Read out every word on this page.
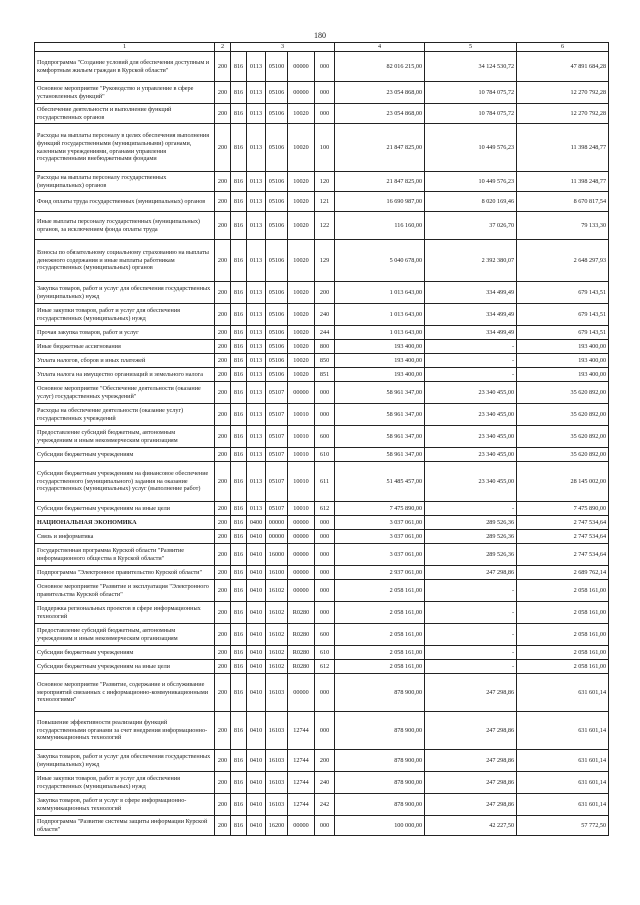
180
1	2	3					4	5	6
Подпрограмма "Создание условий для обеспечения доступным и комфортным жильем граждан в Курской области"	200	816	0113	05100	00000	000	82 016 215,00	34 124 530,72	47 891 684,28
Основное мероприятие "Руководство и управление в сфере установленных функций"	200	816	0113	05106	00000	000	23 054 868,00	10 784 075,72	12 270 792,28
Обеспечение деятельности и выполнение функций государственных органов	200	816	0113	05106	10020	000	23 054 868,00	10 784 075,72	12 270 792,28
Расходы на выплаты персоналу в целях обеспечения выполнения функций государственными (муниципальными) органами, казенными учреждениями, органами управления государственными внебюджетными фондами	200	816	0113	05106	10020	100	21 847 825,00	10 449 576,23	11 398 248,77
Расходы на выплаты персоналу государственных (муниципальных) органов	200	816	0113	05106	10020	120	21 847 825,00	10 449 576,23	11 398 248,77
Фонд оплаты труда государственных (муниципальных) органов	200	816	0113	05106	10020	121	16 690 987,00	8 020 169,46	8 670 817,54
Иные выплаты персоналу государственных (муниципальных) органов, за исключением фонда оплаты труда	200	816	0113	05106	10020	122	116 160,00	37 026,70	79 133,30
Взносы по обязательному социальному страхованию на выплаты денежного содержания и иные выплаты работникам государственных (муниципальных) органов	200	816	0113	05106	10020	129	5 040 678,00	2 392 380,07	2 648 297,93
Закупка товаров, работ и услуг для обеспечения государственных (муниципальных) нужд	200	816	0113	05106	10020	200	1 013 643,00	334 499,49	679 143,51
Иные закупки товаров, работ и услуг для обеспечения государственных (муниципальных) нужд	200	816	0113	05106	10020	240	1 013 643,00	334 499,49	679 143,51
Прочая закупка товаров, работ и услуг	200	816	0113	05106	10020	244	1 013 643,00	334 499,49	679 143,51
Иные бюджетные ассигнования	200	816	0113	05106	10020	800	193 400,00	-	193 400,00
Уплата налогов, сборов и иных платежей	200	816	0113	05106	10020	850	193 400,00	-	193 400,00
Уплата налога на имущество организаций и земельного налога	200	816	0113	05106	10020	851	193 400,00	-	193 400,00
Основное мероприятие "Обеспечение деятельности (оказание услуг) государственных учреждений"	200	816	0113	05107	00000	000	58 961 347,00	23 340 455,00	35 620 892,00
Расходы на обеспечение деятельности (оказание услуг) государственных учреждений	200	816	0113	05107	10010	000	58 961 347,00	23 340 455,00	35 620 892,00
Предоставление субсидий бюджетным, автономным учреждениям и иным некоммерческим организациям	200	816	0113	05107	10010	600	58 961 347,00	23 340 455,00	35 620 892,00
Субсидии бюджетным учреждениям	200	816	0113	05107	10010	610	58 961 347,00	23 340 455,00	35 620 892,00
Субсидии бюджетным учреждениям на финансовое обеспечение государственного (муниципального) задания на оказание государственных (муниципальных) услуг (выполнение работ)	200	816	0113	05107	10010	611	51 485 457,00	23 340 455,00	28 145 002,00
Субсидии бюджетным учреждениям на иные цели	200	816	0113	05107	10010	612	7 475 890,00	-	7 475 890,00
НАЦИОНАЛЬНАЯ ЭКОНОМИКА	200	816	0400	00000	00000	000	3 037 061,00	289 526,36	2 747 534,64
Связь и информатика	200	816	0410	00000	00000	000	3 037 061,00	289 526,36	2 747 534,64
Государственная программа Курской области "Развитие информационного общества в Курской области"	200	816	0410	16000	00000	000	3 037 061,00	289 526,36	2 747 534,64
Подпрограмма "Электронное правительство Курской области"	200	816	0410	16100	00000	000	2 937 061,00	247 298,86	2 689 762,14
Основное мероприятие "Развитие и эксплуатация "Электронного правительства Курской области"	200	816	0410	16102	00000	000	2 058 161,00	-	2 058 161,00
Поддержка региональных проектов в сфере информационных технологий	200	816	0410	16102	R0280	000	2 058 161,00	-	2 058 161,00
Предоставление субсидий бюджетным, автономным учреждениям и иным некоммерческим организациям	200	816	0410	16102	R0280	600	2 058 161,00	-	2 058 161,00
Субсидии бюджетным учреждениям	200	816	0410	16102	R0280	610	2 058 161,00	-	2 058 161,00
Субсидии бюджетным учреждениям на иные цели	200	816	0410	16102	R0280	612	2 058 161,00	-	2 058 161,00
Основное мероприятие "Развитие, содержание и обслуживание мероприятий связанных с информационно-коммуникационными технологиями"	200	816	0410	16103	00000	000	878 900,00	247 298,86	631 601,14
Повышение эффективности реализации функций государственными органами за счет внедрения информационно-коммуникационных технологий	200	816	0410	16103	12744	000	878 900,00	247 298,86	631 601,14
Закупка товаров, работ и услуг для обеспечения государственных (муниципальных) нужд	200	816	0410	16103	12744	200	878 900,00	247 298,86	631 601,14
Иные закупки товаров, работ и услуг для обеспечения государственных (муниципальных) нужд	200	816	0410	16103	12744	240	878 900,00	247 298,86	631 601,14
Закупка товаров, работ и услуг в сфере информационно-коммуникационных технологий	200	816	0410	16103	12744	242	878 900,00	247 298,86	631 601,14
Подпрограмма "Развитие системы защиты информации Курской области"	200	816	0410	16200	00000	000	100 000,00	42 227,50	57 772,50
